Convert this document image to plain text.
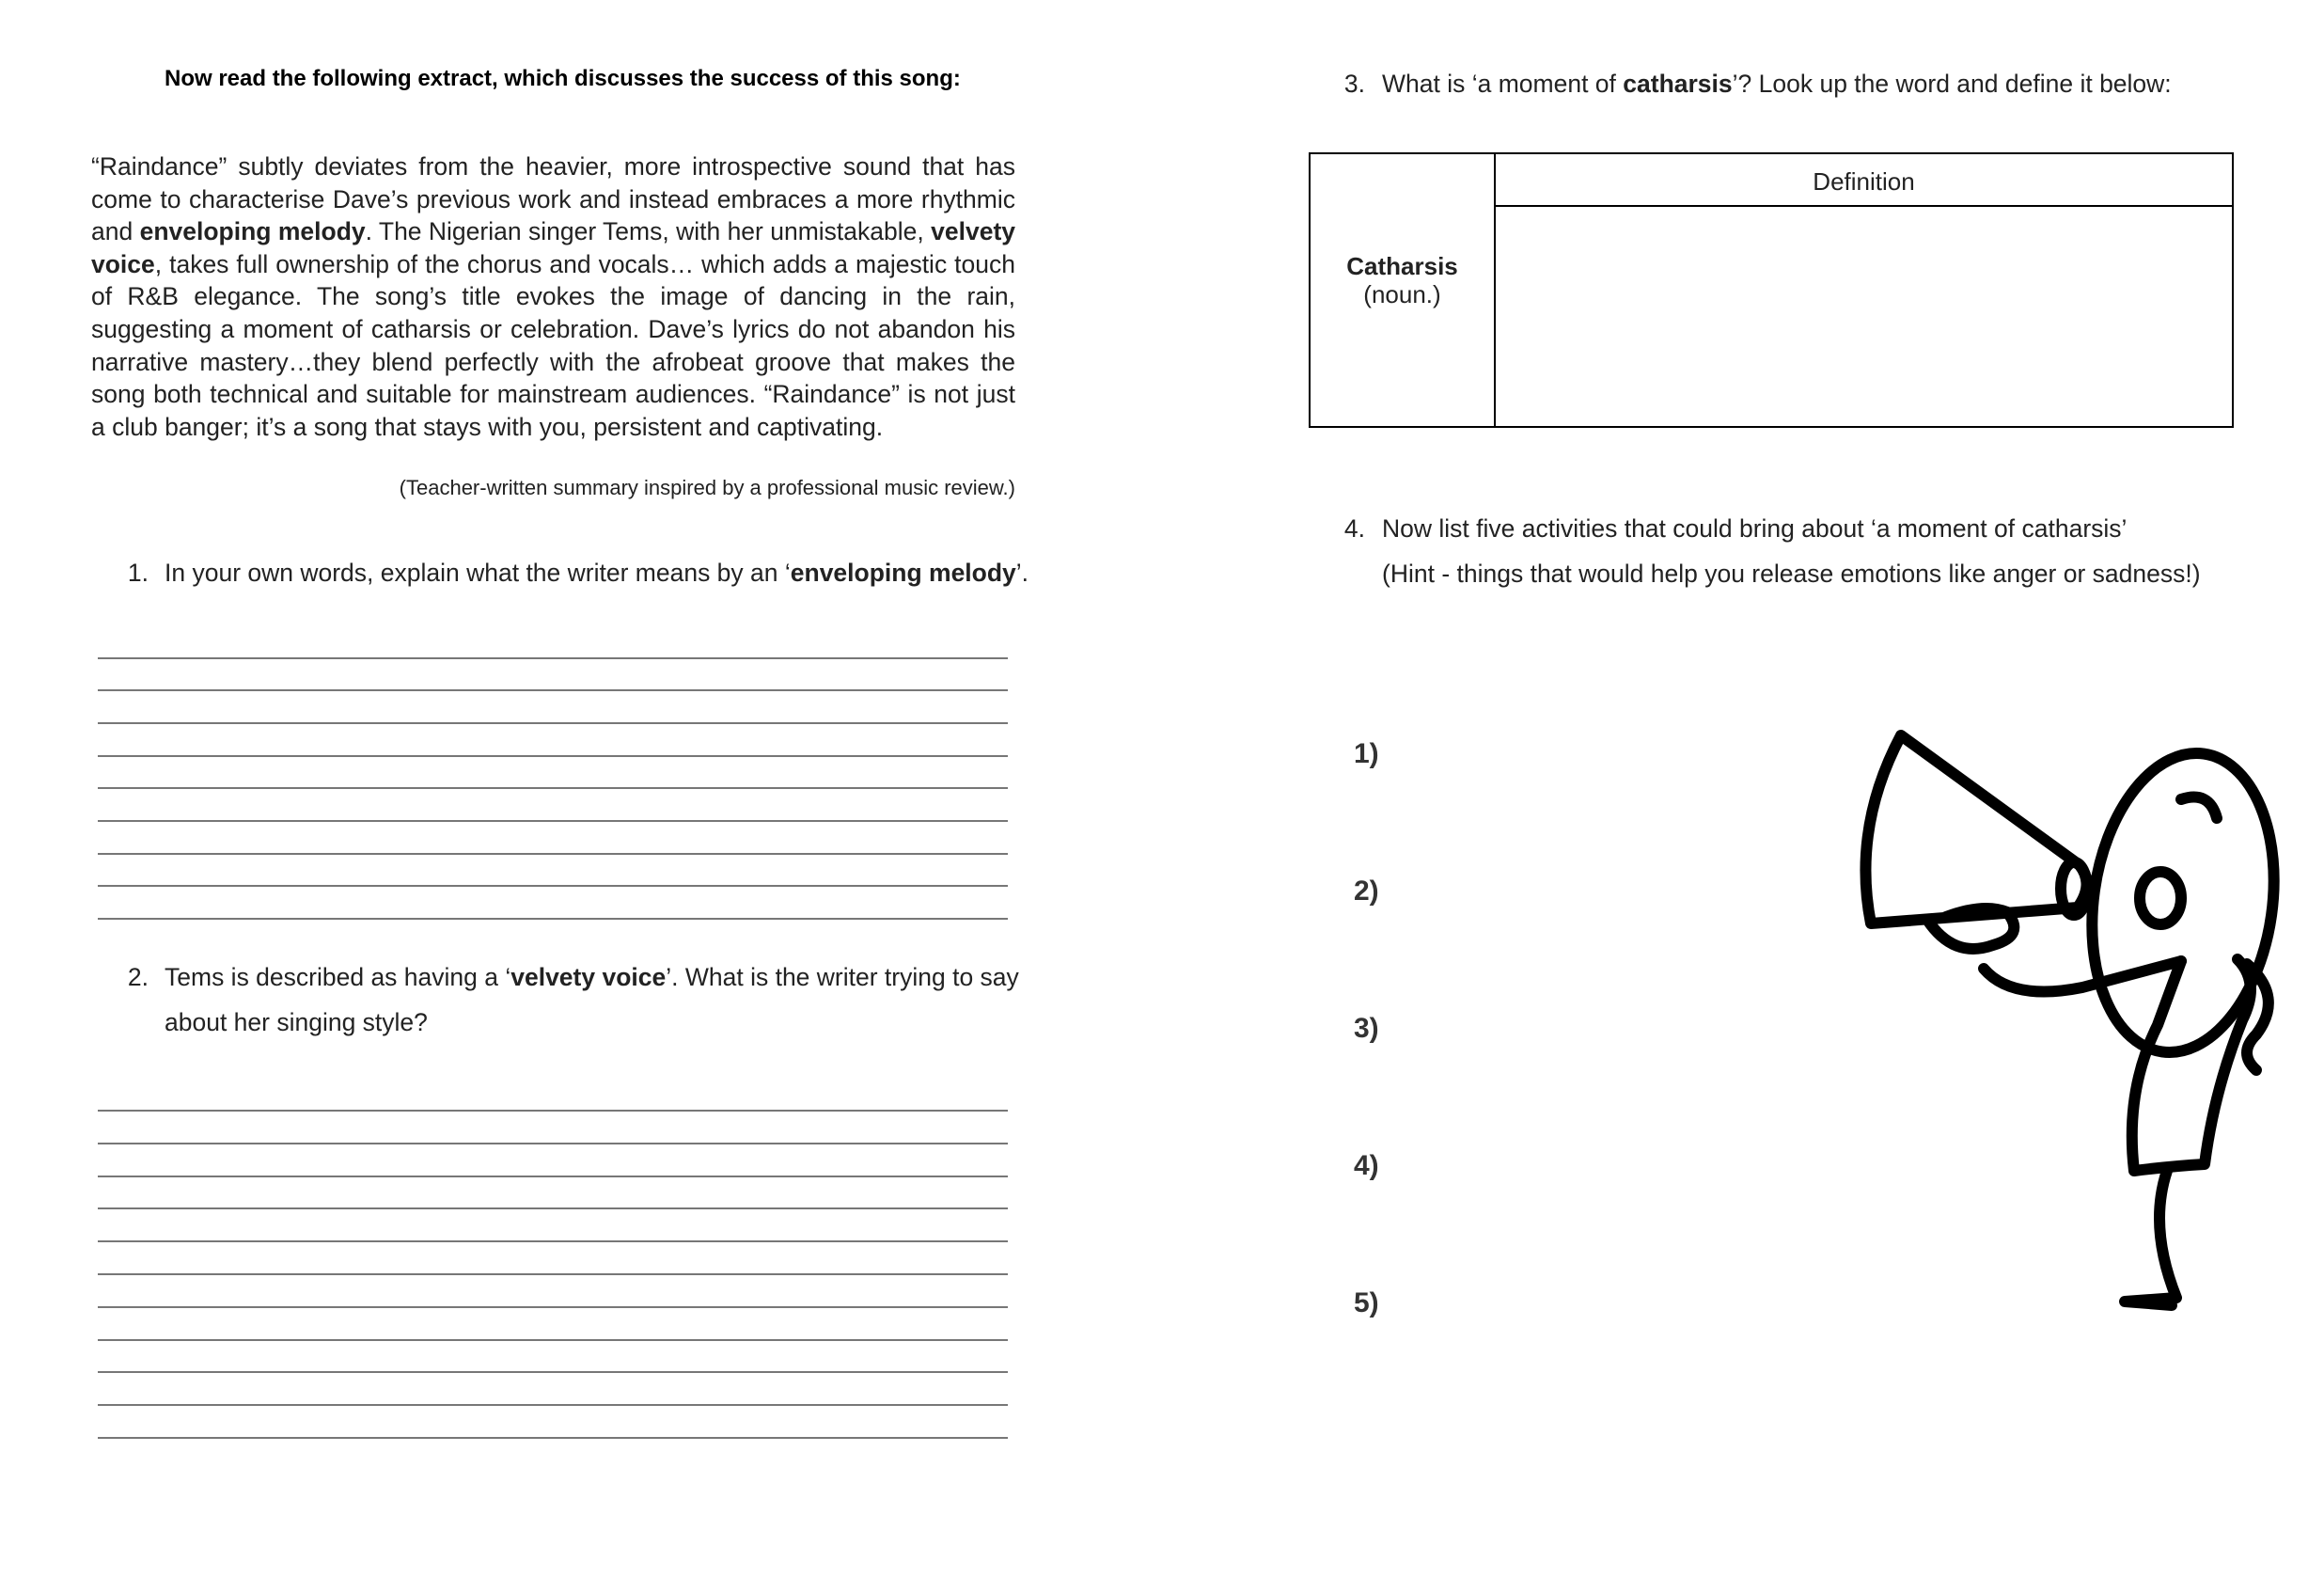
Now read the following extract, which discusses the success of this song:
“Raindance” subtly deviates from the heavier, more introspective sound that has come to characterise Dave’s previous work and instead embraces a more rhythmic and enveloping melody. The Nigerian singer Tems, with her unmistakable, velvety voice, takes full ownership of the chorus and vocals… which adds a majestic touch of R&B elegance. The song’s title evokes the image of dancing in the rain, suggesting a moment of catharsis or celebration. Dave’s lyrics do not abandon his narrative mastery…they blend perfectly with the afrobeat groove that makes the song both technical and suitable for mainstream audiences. “Raindance” is not just a club banger; it’s a song that stays with you, persistent and captivating.
(Teacher-written summary inspired by a professional music review.)
1. In your own words, explain what the writer means by an ‘enveloping melody’.
2. Tems is described as having a ‘velvety voice’. What is the writer trying to say
about her singing style?
3. What is ‘a moment of catharsis’? Look up the word and define it below:
Definition
Catharsis
(noun.)
4. Now list five activities that could bring about ‘a moment of catharsis’
(Hint - things that would help you release emotions like anger or sadness!)
1)
2)
3)
4)
5)
